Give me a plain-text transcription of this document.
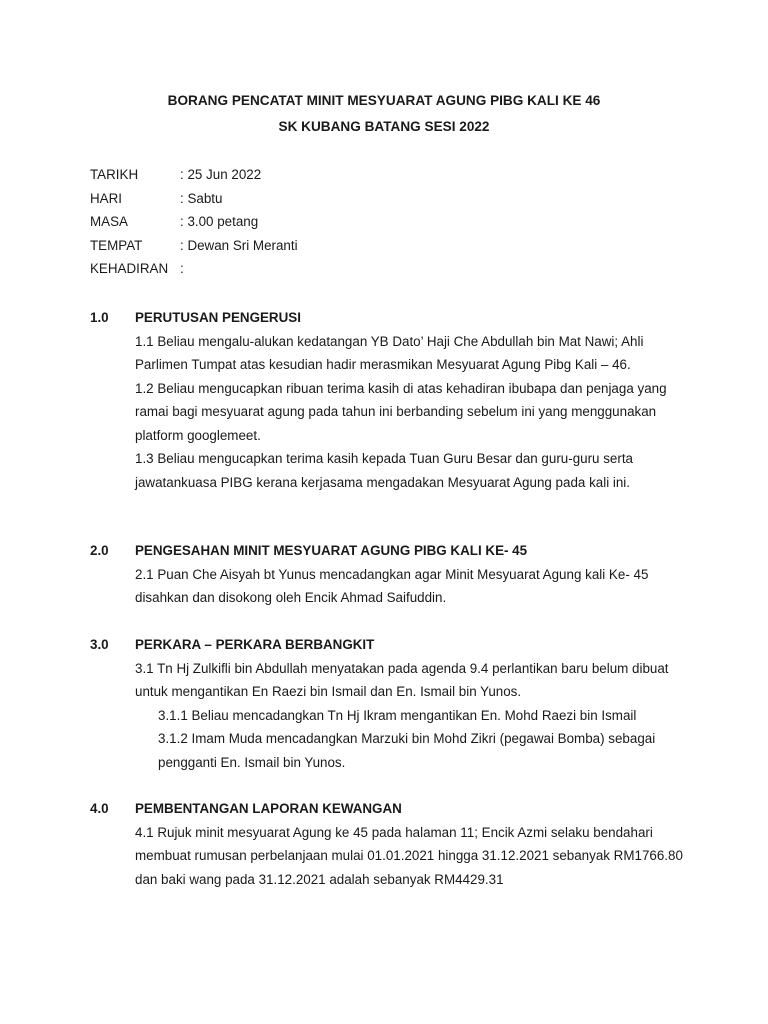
BORANG PENCATAT MINIT MESYUARAT AGUNG PIBG KALI KE 46
SK KUBANG BATANG SESI 2022
TARIKH	: 25 Jun 2022
HARI	: Sabtu
MASA	: 3.00 petang
TEMPAT	: Dewan Sri Meranti
KEHADIRAN :
1.0 PERUTUSAN PENGERUSI
1.1 Beliau mengalu-alukan kedatangan YB Dato’ Haji Che Abdullah bin Mat Nawi; Ahli
Parlimen Tumpat atas kesudian hadir merasmikan Mesyuarat Agung Pibg Kali – 46.
1.2 Beliau mengucapkan ribuan terima kasih di atas kehadiran ibubapa dan penjaga yang
ramai bagi mesyuarat agung pada tahun ini berbanding sebelum ini yang menggunakan
platform googlemeet.
1.3 Beliau mengucapkan terima kasih kepada Tuan Guru Besar dan guru-guru serta
jawatankuasa PIBG kerana kerjasama mengadakan Mesyuarat Agung pada kali ini.
2.0 PENGESAHAN MINIT MESYUARAT AGUNG PIBG KALI KE- 45
2.1 Puan Che Aisyah bt Yunus mencadangkan agar Minit Mesyuarat Agung kali Ke- 45
disahkan dan disokong oleh Encik Ahmad Saifuddin.
3.0 PERKARA – PERKARA BERBANGKIT
3.1 Tn Hj Zulkifli bin Abdullah menyatakan pada agenda 9.4 perlantikan baru belum dibuat
untuk mengantikan En Raezi bin Ismail dan En. Ismail bin Yunos.
3.1.1 Beliau mencadangkan Tn Hj Ikram mengantikan En. Mohd Raezi bin Ismail
3.1.2 Imam Muda mencadangkan Marzuki bin Mohd Zikri (pegawai Bomba) sebagai
pengganti En. Ismail bin Yunos.
4.0 PEMBENTANGAN LAPORAN KEWANGAN
4.1 Rujuk minit mesyuarat Agung ke 45 pada halaman 11; Encik Azmi selaku bendahari
membuat rumusan perbelanjaan mulai 01.01.2021 hingga 31.12.2021 sebanyak RM1766.80
dan baki wang pada 31.12.2021 adalah sebanyak RM4429.31
